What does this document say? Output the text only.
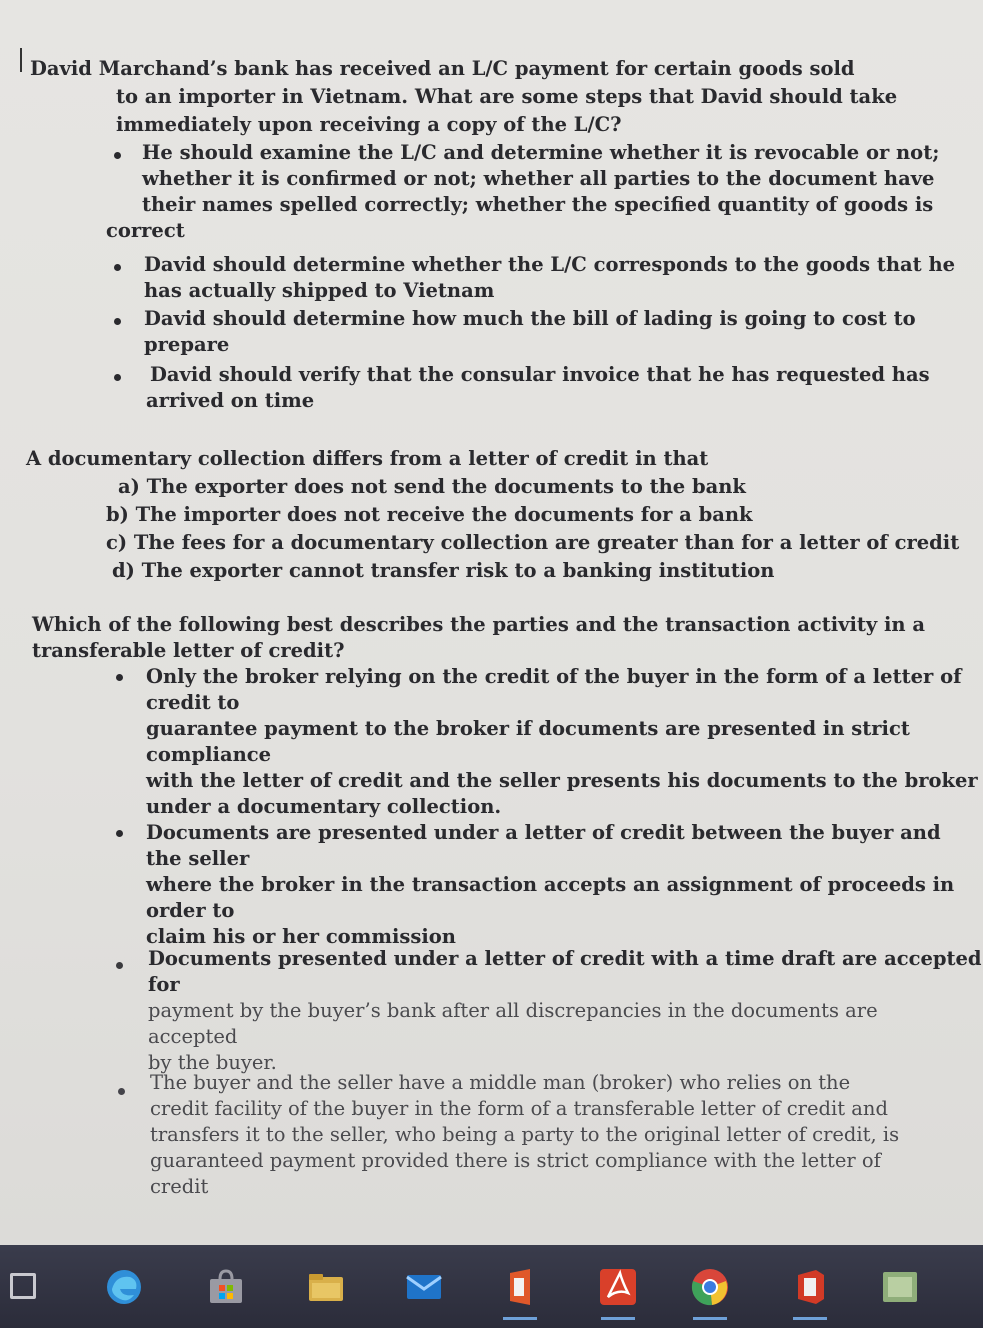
David Marchand’s bank has received an L/C payment for certain goods sold
to an importer in Vietnam. What are some steps that David should take
immediately upon receiving a copy of the L/C?
He should examine the L/C and determine whether it is revocable or not;
whether it is confirmed or not; whether all parties to the document have
their names spelled correctly; whether the specified quantity of goods is
correct
David should determine whether the L/C corresponds to the goods that he
has actually shipped to Vietnam
David should determine how much the bill of lading is going to cost to
prepare
David should verify that the consular invoice that he has requested has
arrived on time
A documentary collection differs from a letter of credit in that
a) The exporter does not send the documents to the bank
b) The importer does not receive the documents for a bank
c) The fees for a documentary collection are greater than for a letter of credit
d) The exporter cannot transfer risk to a banking institution
Which of the following best describes the parties and the transaction activity in a
transferable letter of credit?
Only the broker relying on the credit of the buyer in the form of a letter of
credit to
guarantee payment to the broker if documents are presented in strict
compliance
with the letter of credit and the seller presents his documents to the broker
under a documentary collection.
Documents are presented under a letter of credit between the buyer and
the seller
where the broker in the transaction accepts an assignment of proceeds in
order to
claim his or her commission
Documents presented under a letter of credit with a time draft are accepted
for
payment by the buyer’s bank after all discrepancies in the documents are
accepted
by the buyer.
The buyer and the seller have a middle man (broker) who relies on the
credit facility of the buyer in the form of a transferable letter of credit and
transfers it to the seller, who being a party to the original letter of credit, is
guaranteed payment provided there is strict compliance with the letter of
credit
